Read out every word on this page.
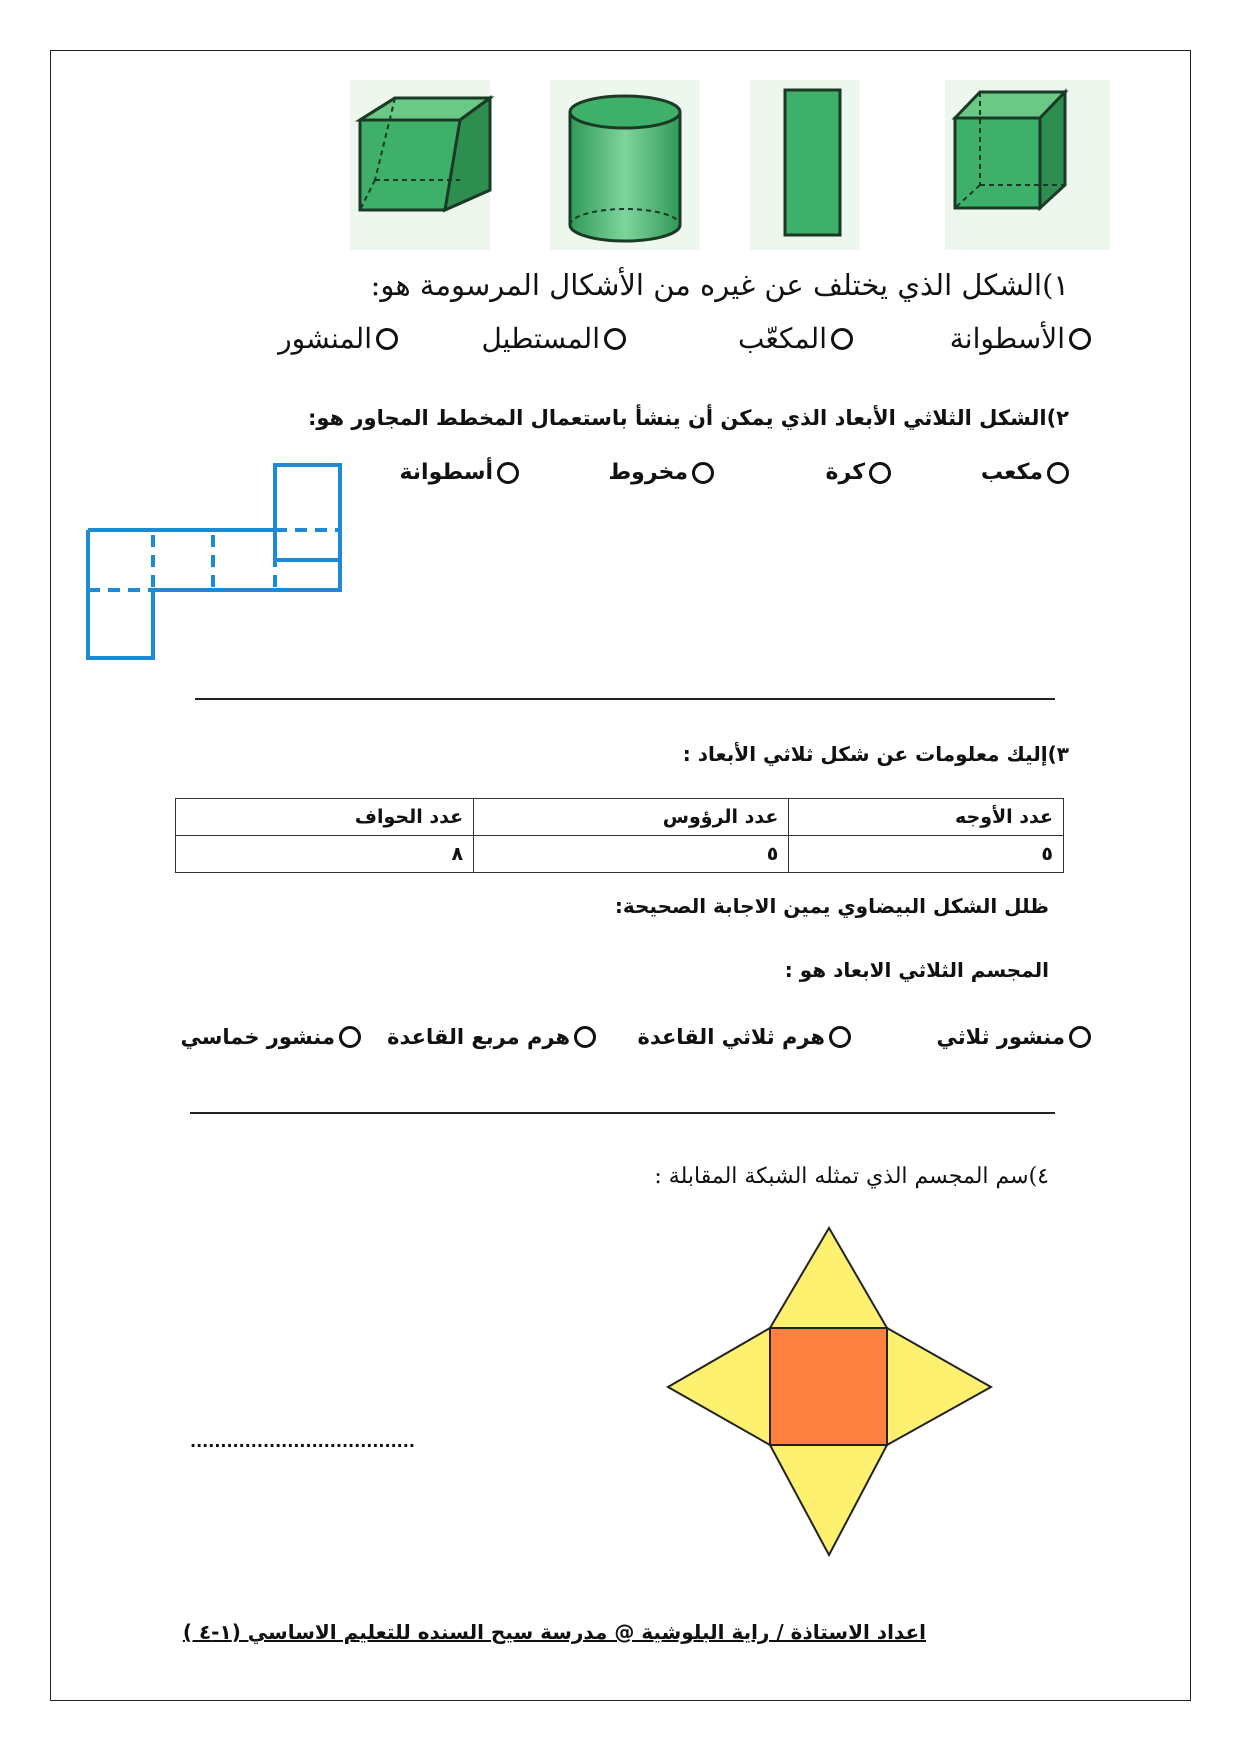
١)الشكل الذي يختلف عن غيره من الأشكال المرسومة هو:
الأسطوانة
المكعّب
المستطيل
المنشور
٢)الشكل الثلاثي الأبعاد الذي يمكن أن ينشأ باستعمال المخطط المجاور هو:
مكعب
كرة
مخروط
أسطوانة
٣)إليك معلومات عن شكل ثلاثي الأبعاد :
عدد الأوجه	عدد الرؤوس	عدد الحواف
٥	٥	٨
ظلل الشكل البيضاوي يمين الاجابة الصحيحة:
المجسم الثلاثي الابعاد هو :
منشور ثلاثي
هرم ثلاثي القاعدة
هرم مربع القاعدة
منشور خماسي
٤)سم المجسم الذي تمثله الشبكة المقابلة :
.....................................
اعداد الاستاذة / راية البلوشية @ مدرسة سيح السنده للتعليم الاساسي (١-٤ )
